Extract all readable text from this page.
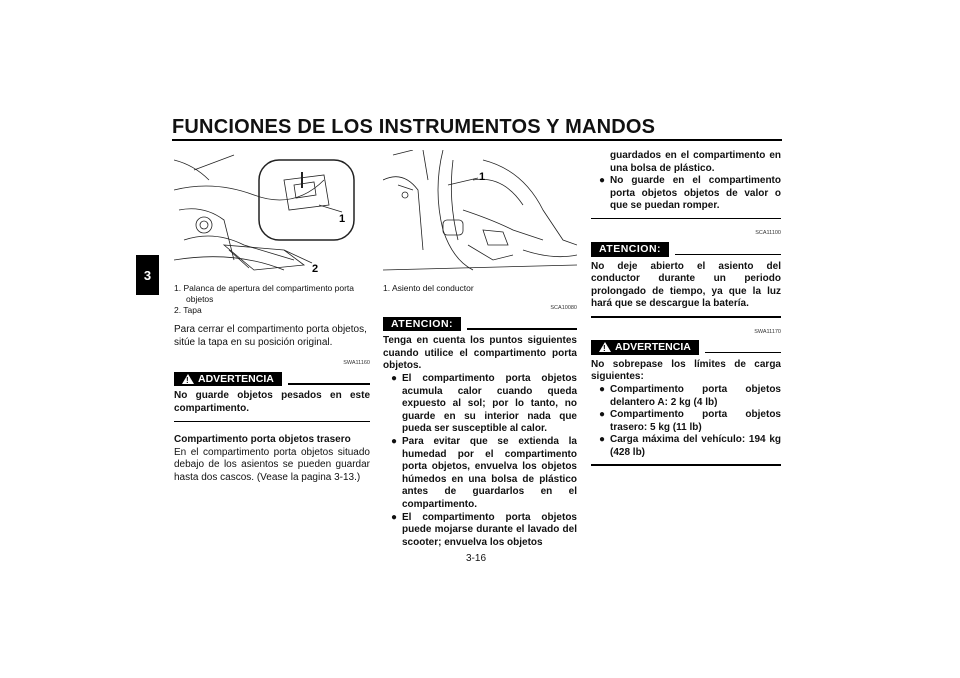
FUNCIONES DE LOS INSTRUMENTOS Y MANDOS
3
1
2
1. Palanca de apertura del compartimento porta objetos
2. Tapa
Para cerrar el compartimento porta objetos, sitúe la tapa en su posición original.
SWA11160
!
ADVERTENCIA
No guarde objetos pesados en este compartimento.
Compartimento porta objetos trasero
En el compartimento porta objetos situado debajo de los asientos se pueden guardar hasta dos cascos. (Vease la pagina 3-13.)
1
1. Asiento del conductor
SCA10080
ATENCION:
Tenga en cuenta los puntos siguientes cuando utilice el compartimento porta objetos.
● El compartimento porta objetos acumula calor cuando queda expuesto al sol; por lo tanto, no guarde en su interior nada que pueda ser susceptible al calor.
● Para evitar que se extienda la humedad por el compartimento porta objetos, envuelva los objetos húmedos en una bolsa de plástico antes de guardarlos en el compartimento.
● El compartimento porta objetos puede mojarse durante el lavado del scooter; envuelva los objetos
guardados en el compartimento en una bolsa de plástico.
● No guarde en el compartimento porta objetos objetos de valor o que se puedan romper.
SCA11100
ATENCION:
No deje abierto el asiento del conductor durante un periodo prolongado de tiempo, ya que la luz hará que se descargue la batería.
SWA11170
!
ADVERTENCIA
No sobrepase los límites de carga siguientes:
● Compartimento porta objetos delantero A: 2 kg (4 lb)
● Compartimento porta objetos trasero: 5 kg (11 lb)
● Carga máxima del vehículo: 194 kg (428 lb)
3-16
